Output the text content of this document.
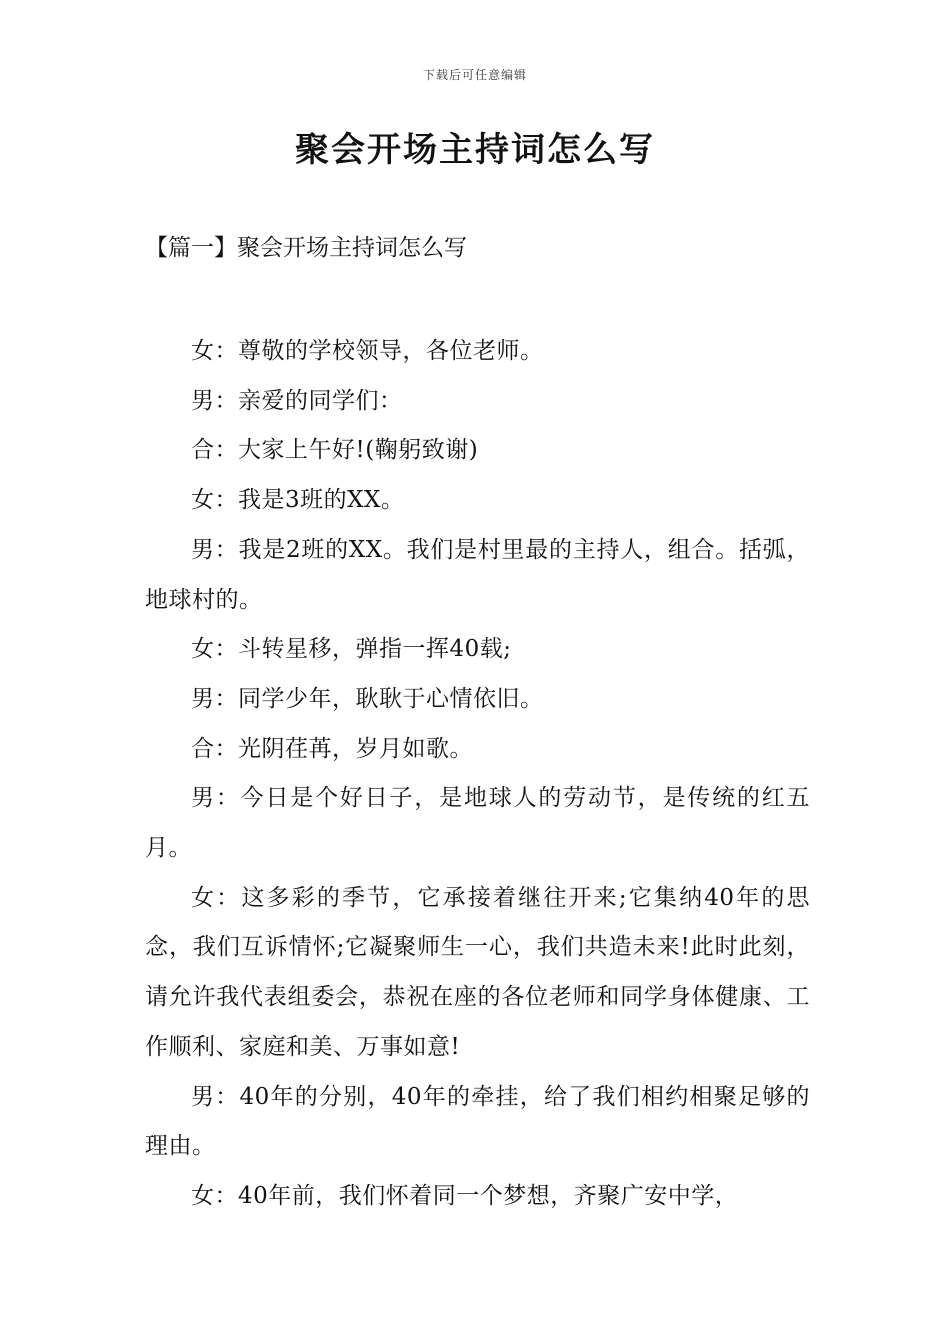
下载后可任意编辑
聚会开场主持词怎么写
【篇一】聚会开场主持词怎么写

女：尊敬的学校领导，各位老师。

男：亲爱的同学们：

合：大家上午好!(鞠躬致谢)

女：我是3班的XX。

男：我是2班的XX。我们是村里最的主持人，组合。括弧，地球村的。

女：斗转星移，弹指一挥40载;

男：同学少年，耿耿于心情依旧。

合：光阴荏苒，岁月如歌。

男：今日是个好日子，是地球人的劳动节，是传统的红五月。

女：这多彩的季节，它承接着继往开来;它集纳40年的思念，我们互诉情怀;它凝聚师生一心，我们共造未来!此时此刻，请允许我代表组委会，恭祝在座的各位老师和同学身体健康、工作顺利、家庭和美、万事如意!

男：40年的分别，40年的牵挂，给了我们相约相聚足够的理由。

女：40年前，我们怀着同一个梦想，齐聚广安中学，
